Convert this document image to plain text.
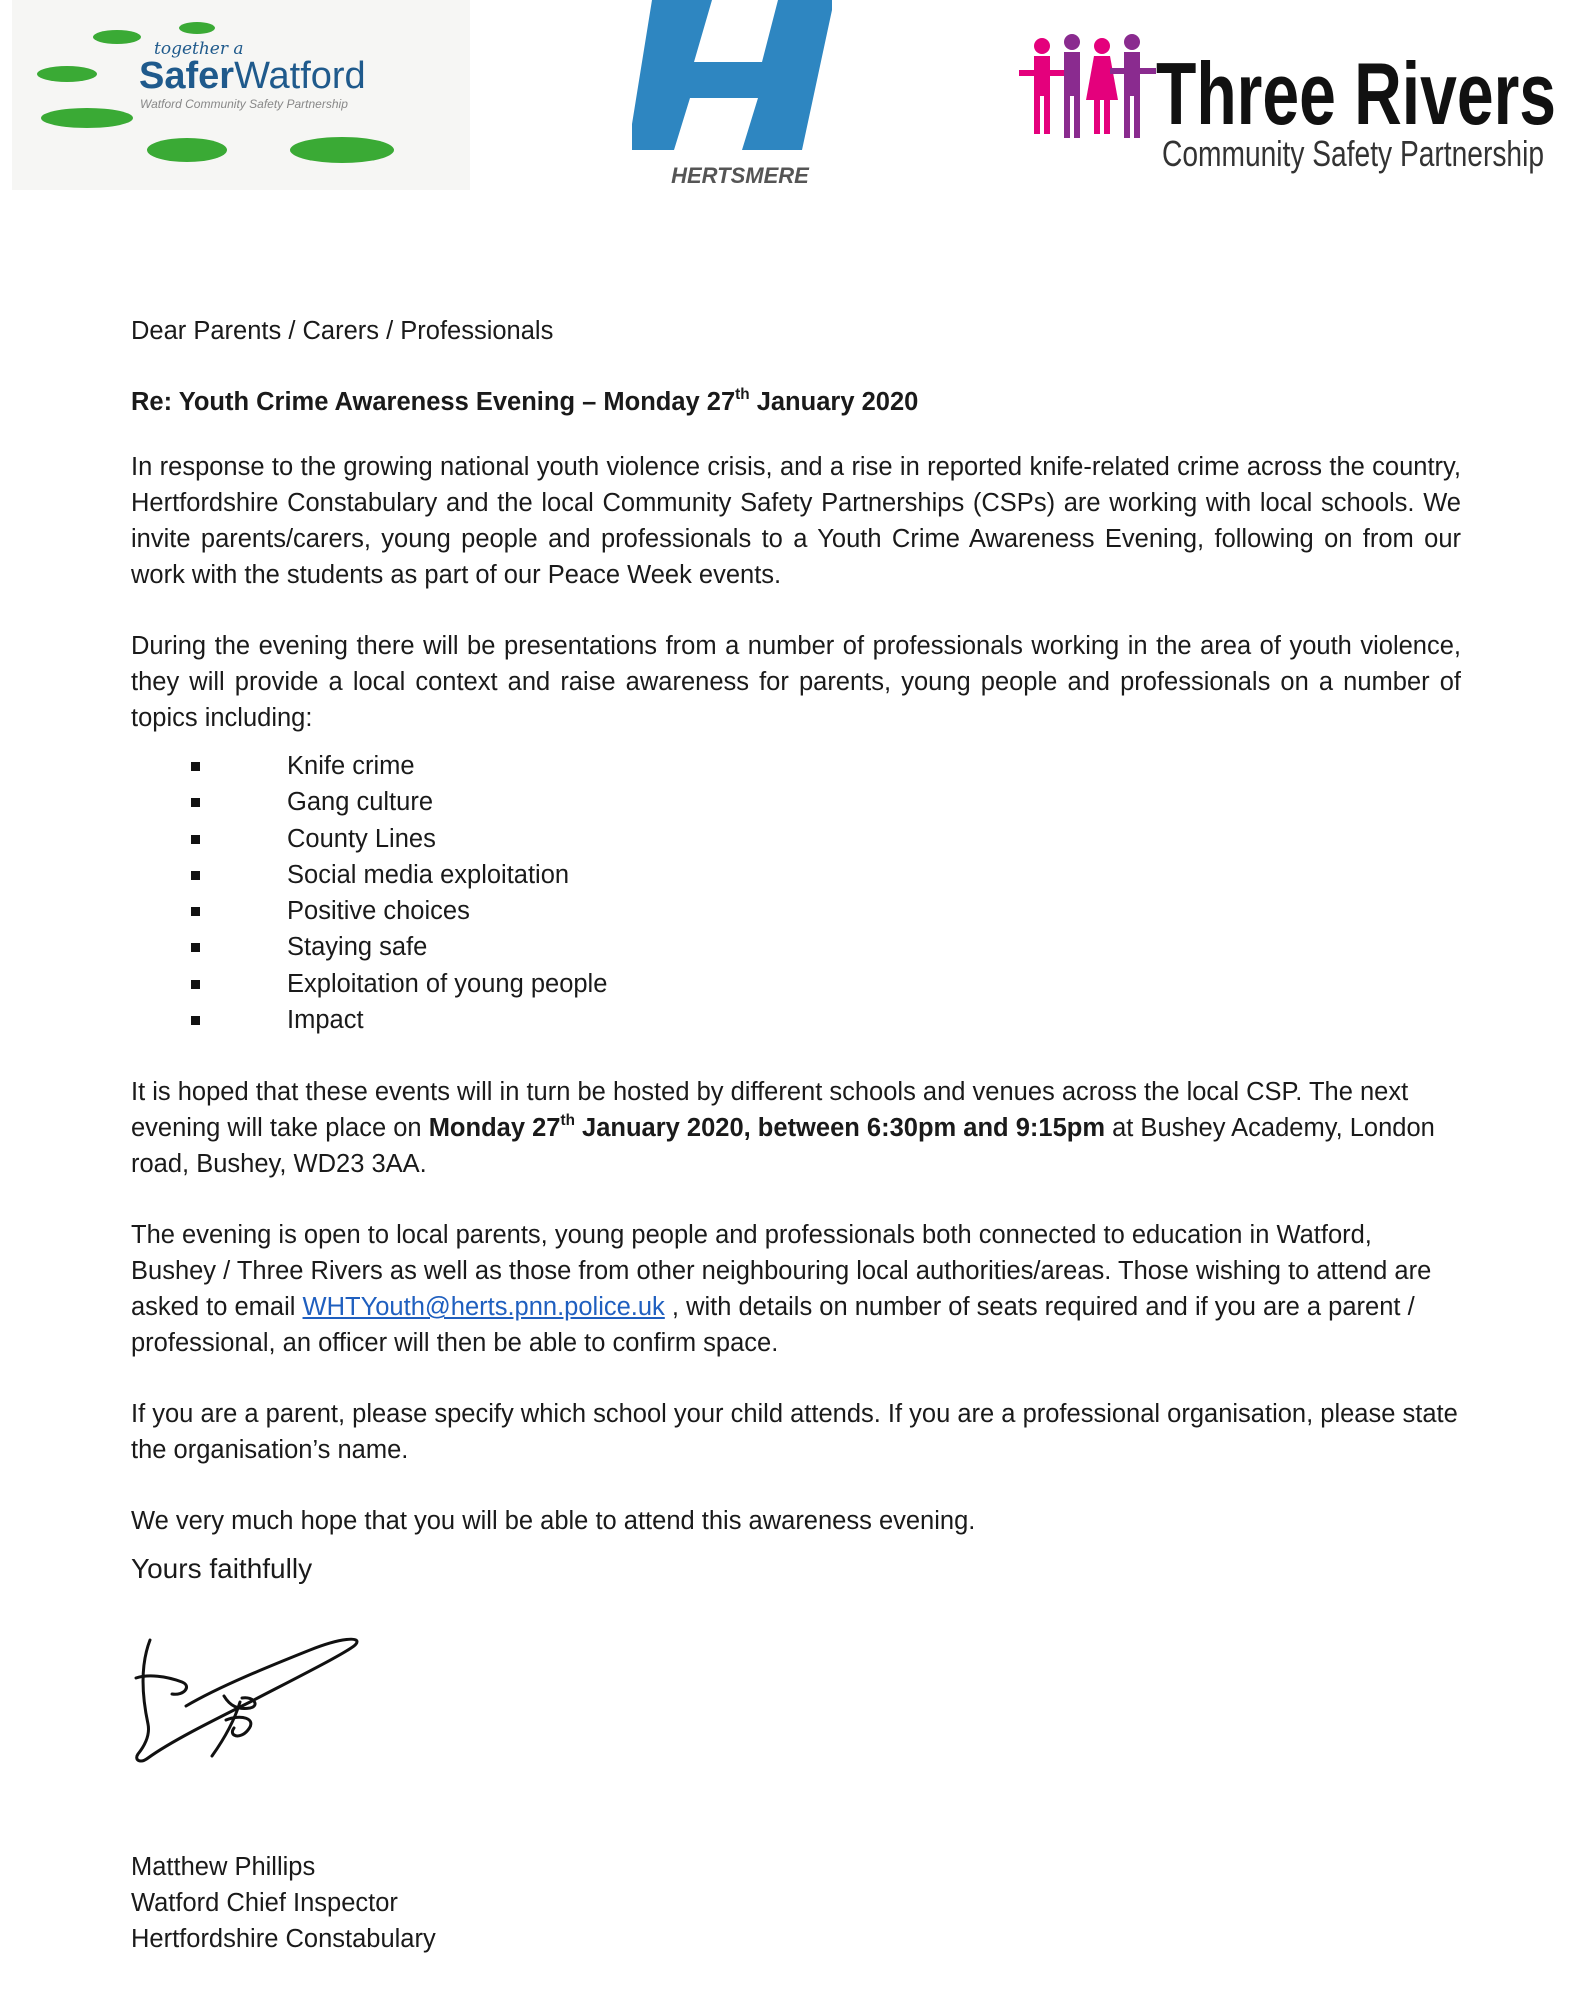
together a
SaferWatford
Watford Community Safety Partnership
HERTSMERE
Three Rivers
Community Safety Partnership

Dear Parents / Carers / Professionals

Re: Youth Crime Awareness Evening – Monday 27th January 2020

In response to the growing national youth violence crisis, and a rise in reported knife-related crime across the country, Hertfordshire Constabulary and the local Community Safety Partnerships (CSPs) are working with local schools. We invite parents/carers, young people and professionals to a Youth Crime Awareness Evening, following on from our work with the students as part of our Peace Week events.

During the evening there will be presentations from a number of professionals working in the area of youth violence, they will provide a local context and raise awareness for parents, young people and professionals on a number of topics including:

Knife crime
Gang culture
County Lines
Social media exploitation
Positive choices
Staying safe
Exploitation of young people
Impact

It is hoped that these events will in turn be hosted by different schools and venues across the local CSP. The next evening will take place on Monday 27th January 2020, between 6:30pm and 9:15pm at Bushey Academy, London road, Bushey, WD23 3AA.

The evening is open to local parents, young people and professionals both connected to education in Watford, Bushey / Three Rivers as well as those from other neighbouring local authorities/areas. Those wishing to attend are asked to email WHTYouth@herts.pnn.police.uk , with details on number of seats required and if you are a parent / professional, an officer will then be able to confirm space.

If you are a parent, please specify which school your child attends. If you are a professional organisation, please state the organisation’s name.

We very much hope that you will be able to attend this awareness evening.

Yours faithfully

Matthew Phillips

Watford Chief Inspector

Hertfordshire Constabulary
